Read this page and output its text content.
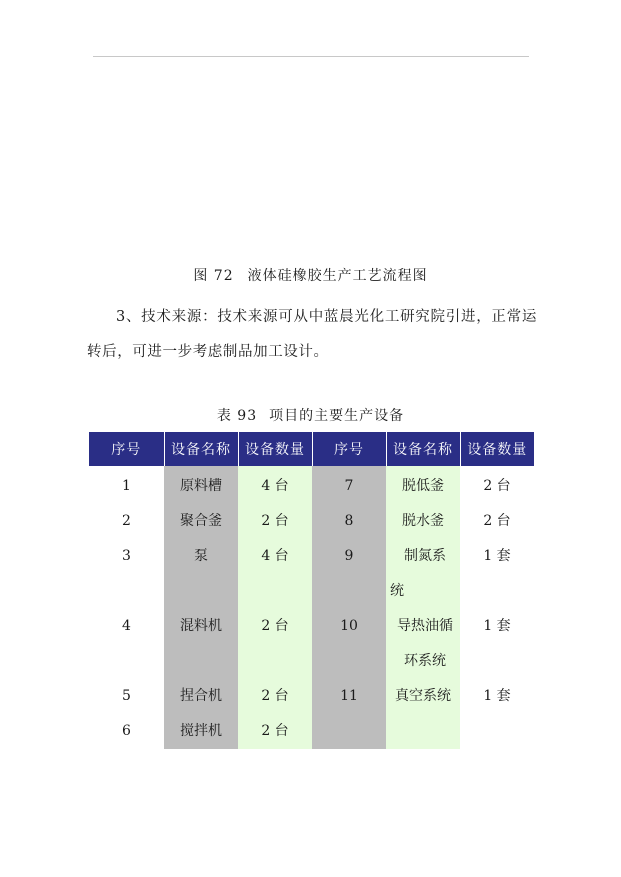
图 72 液体硅橡胶生产工艺流程图
3、技术来源：技术来源可从中蓝晨光化工研究院引进，正常运转后，可进一步考虑制品加工设计。
表 93 项目的主要生产设备
序号	设备名称	设备数量	序号	设备名称	设备数量
1	原料槽	4 台	7	脱低釜	2 台
2	聚合釜	2 台	8	脱水釜	2 台
3	泵	4 台	9	制氮系统	1 套
4	混料机	2 台	10	导热油循环系统	1 套
5	捏合机	2 台	11	真空系统	1 套
6	搅拌机	2 台			
